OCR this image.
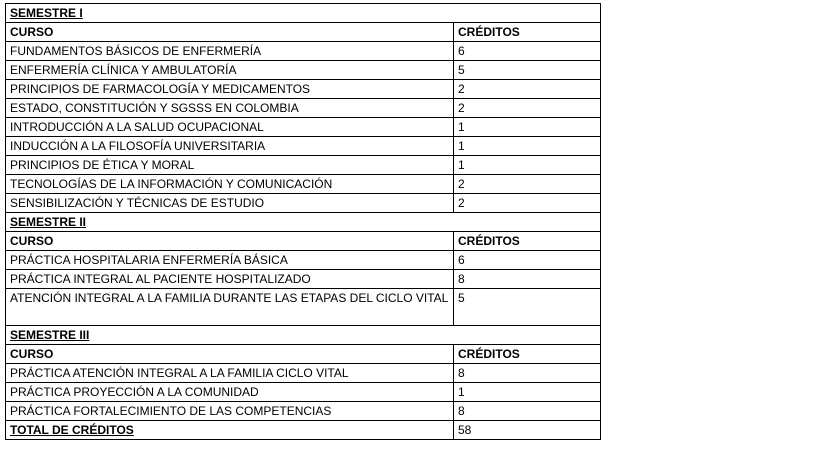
SEMESTRE I	
CURSO	CRÉDITOS
FUNDAMENTOS BÁSICOS DE ENFERMERÍA	6
ENFERMERÍA CLÍNICA Y AMBULATORÍA	5
PRINCIPIOS DE FARMACOLOGÍA Y MEDICAMENTOS	2
ESTADO, CONSTITUCIÓN Y SGSSS EN COLOMBIA	2
INTRODUCCIÓN A LA SALUD OCUPACIONAL	1
INDUCCIÓN A LA FILOSOFÍA UNIVERSITARIA	1
PRINCIPIOS DE ÉTICA Y MORAL	1
TECNOLOGÍAS DE LA INFORMACIÓN Y COMUNICACIÓN	2
SENSIBILIZACIÓN Y TÉCNICAS DE ESTUDIO	2
SEMESTRE II	
CURSO	CRÉDITOS
PRÁCTICA HOSPITALARIA ENFERMERÍA BÁSICA	6
PRÁCTICA INTEGRAL AL PACIENTE HOSPITALIZADO	8
ATENCIÓN INTEGRAL A LA FAMILIA DURANTE LAS ETAPAS DEL CICLO VITAL	5
SEMESTRE III	
CURSO	CRÉDITOS
PRÁCTICA ATENCIÓN INTEGRAL A LA FAMILIA CICLO VITAL	8
PRÁCTICA PROYECCIÓN A LA COMUNIDAD	1
PRÁCTICA FORTALECIMIENTO DE LAS COMPETENCIAS	8
TOTAL DE CRÉDITOS	58
